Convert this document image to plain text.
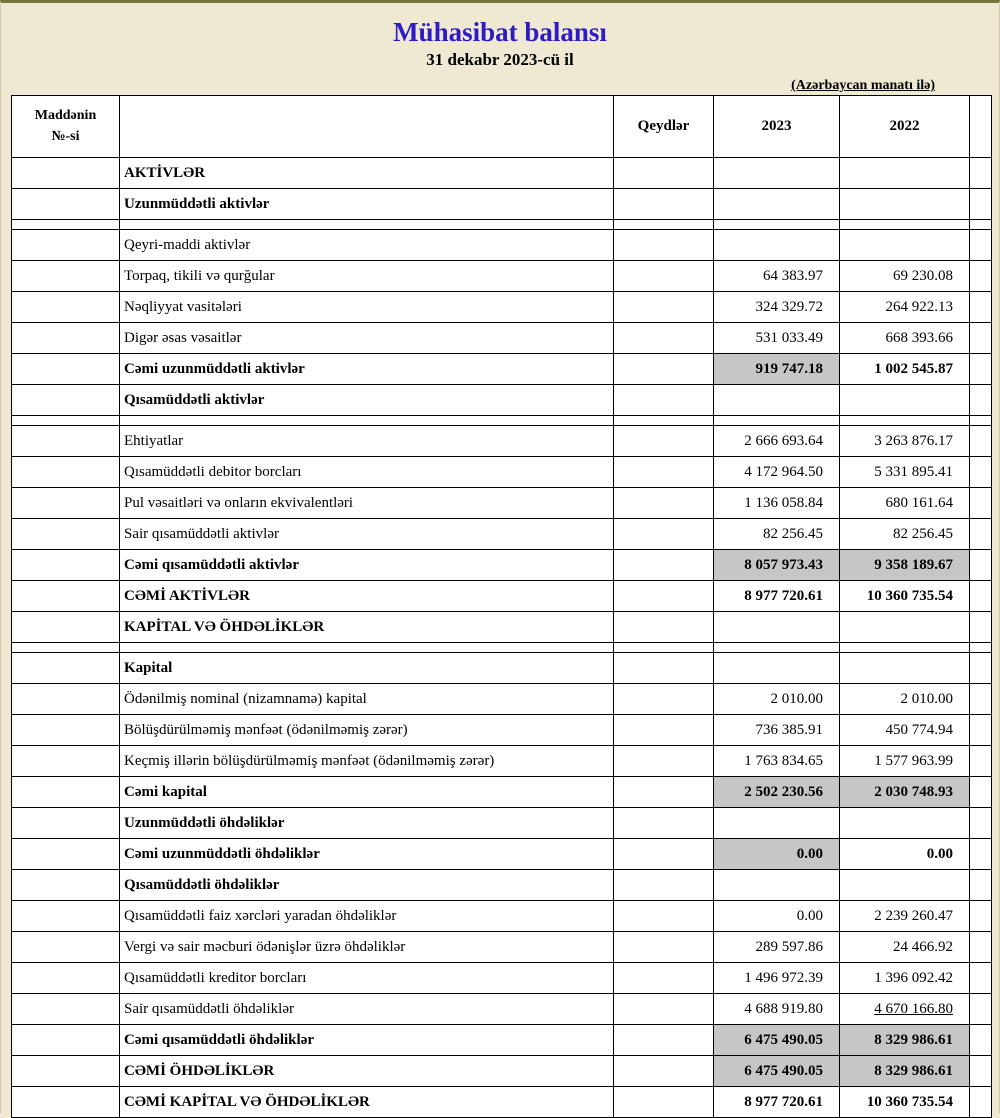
Mühasibat balansı
31 dekabr 2023-cü il
(Azərbaycan manatı ilə)
Maddənin
№-si		Qeydlər	2023	2022	
	AKTİVLƏR				
	Uzunmüddətli aktivlər				

	Qeyri-maddi aktivlər				
	Torpaq, tikili və qurğular		64 383.97	69 230.08	
	Nəqliyyat vasitələri		324 329.72	264 922.13	
	Digər əsas vəsaitlər		531 033.49	668 393.66	
	Cəmi uzunmüddətli aktivlər		919 747.18	1 002 545.87	
	Qısamüddətli aktivlər				

	Ehtiyatlar		2 666 693.64	3 263 876.17	
	Qısamüddətli debitor borcları		4 172 964.50	5 331 895.41	
	Pul vəsaitləri və onların ekvivalentləri		1 136 058.84	680 161.64	
	Sair qısamüddətli aktivlər		82 256.45	82 256.45	
	Cəmi qısamüddətli aktivlər		8 057 973.43	9 358 189.67	
	CƏMİ AKTİVLƏR		8 977 720.61	10 360 735.54	
	KAPİTAL VƏ ÖHDƏLİKLƏR				

	Kapital				
	Ödənilmiş nominal (nizamnamə) kapital		2 010.00	2 010.00	
	Bölüşdürülməmiş mənfəət (ödənilməmiş zərər)		736 385.91	450 774.94	
	Keçmiş illərin bölüşdürülməmiş mənfəət (ödənilməmiş zərər)		1 763 834.65	1 577 963.99	
	Cəmi kapital		2 502 230.56	2 030 748.93	
	Uzunmüddətli öhdəliklər				
	Cəmi uzunmüddətli öhdəliklər		0.00	0.00	
	Qısamüddətli öhdəliklər				
	Qısamüddətli faiz xərcləri yaradan öhdəliklər		0.00	2 239 260.47	
	Vergi və sair məcburi ödənişlər üzrə öhdəliklər		289 597.86	24 466.92	
	Qısamüddətli kreditor borcları		1 496 972.39	1 396 092.42	
	Sair qısamüddətli öhdəliklər		4 688 919.80	4 670 166.80	
	Cəmi qısamüddətli öhdəliklər		6 475 490.05	8 329 986.61	
	CƏMİ ÖHDƏLİKLƏR		6 475 490.05	8 329 986.61	
	CƏMİ KAPİTAL VƏ ÖHDƏLİKLƏR		8 977 720.61	10 360 735.54	
